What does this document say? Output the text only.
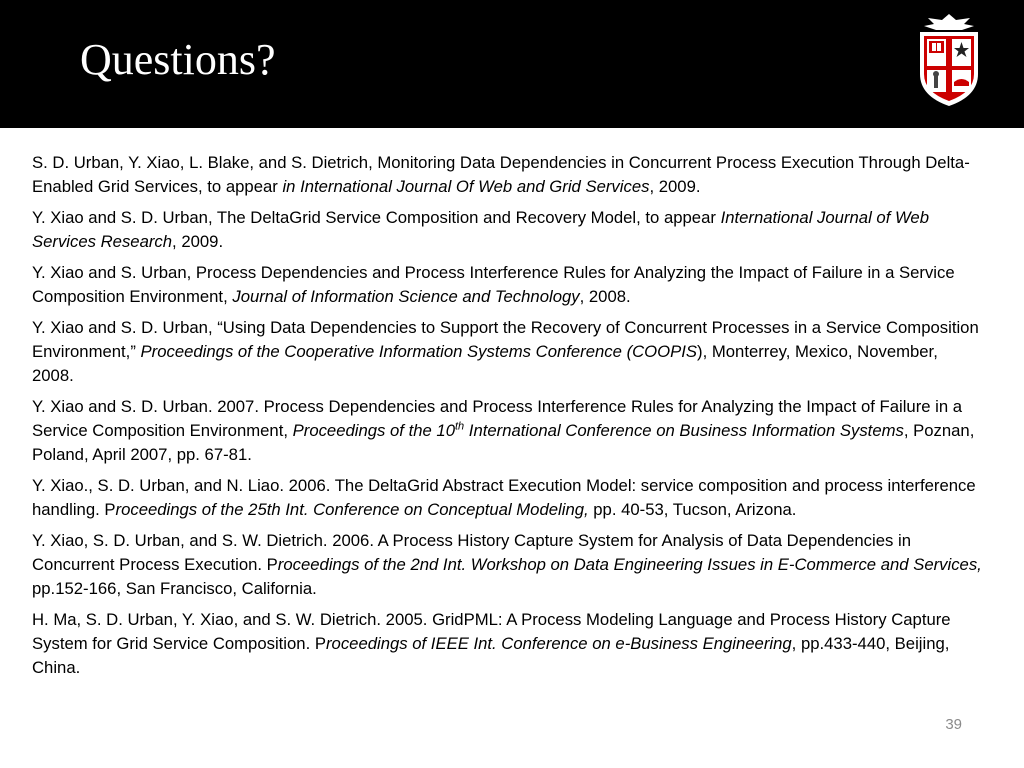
Questions?

S. D. Urban, Y. Xiao, L. Blake, and S. Dietrich, Monitoring Data Dependencies in Concurrent Process Execution Through Delta-Enabled Grid Services, to appear in International Journal Of Web and Grid Services, 2009.

Y. Xiao and S. D. Urban, The DeltaGrid Service Composition and Recovery Model, to appear International Journal of Web Services Research, 2009.

Y. Xiao and S. Urban, Process Dependencies and Process Interference Rules for Analyzing the Impact of Failure in a Service Composition Environment, Journal of Information Science and Technology, 2008.

Y. Xiao and S. D. Urban, “Using Data Dependencies to Support the Recovery of Concurrent Processes in a Service Composition Environment,” Proceedings of the Cooperative Information Systems Conference (COOPIS), Monterrey, Mexico, November, 2008.

Y. Xiao and S. D. Urban. 2007. Process Dependencies and Process Interference Rules for Analyzing the Impact of Failure in a Service Composition Environment, Proceedings of the 10th International Conference on Business Information Systems, Poznan, Poland, April 2007, pp. 67-81.

Y. Xiao., S. D. Urban, and N. Liao. 2006. The DeltaGrid Abstract Execution Model: service composition and process interference handling. Proceedings of the 25th Int. Conference on Conceptual Modeling, pp. 40-53, Tucson, Arizona.

Y. Xiao, S. D. Urban, and S. W. Dietrich. 2006. A Process History Capture System for Analysis of Data Dependencies in Concurrent Process Execution. Proceedings of the 2nd Int. Workshop on Data Engineering Issues in E-Commerce and Services, pp.152-166, San Francisco, California.

H. Ma, S. D. Urban, Y. Xiao, and S. W. Dietrich. 2005. GridPML: A Process Modeling Language and Process History Capture System for Grid Service Composition. Proceedings of IEEE Int. Conference on e-Business Engineering, pp.433-440, Beijing, China.

39
